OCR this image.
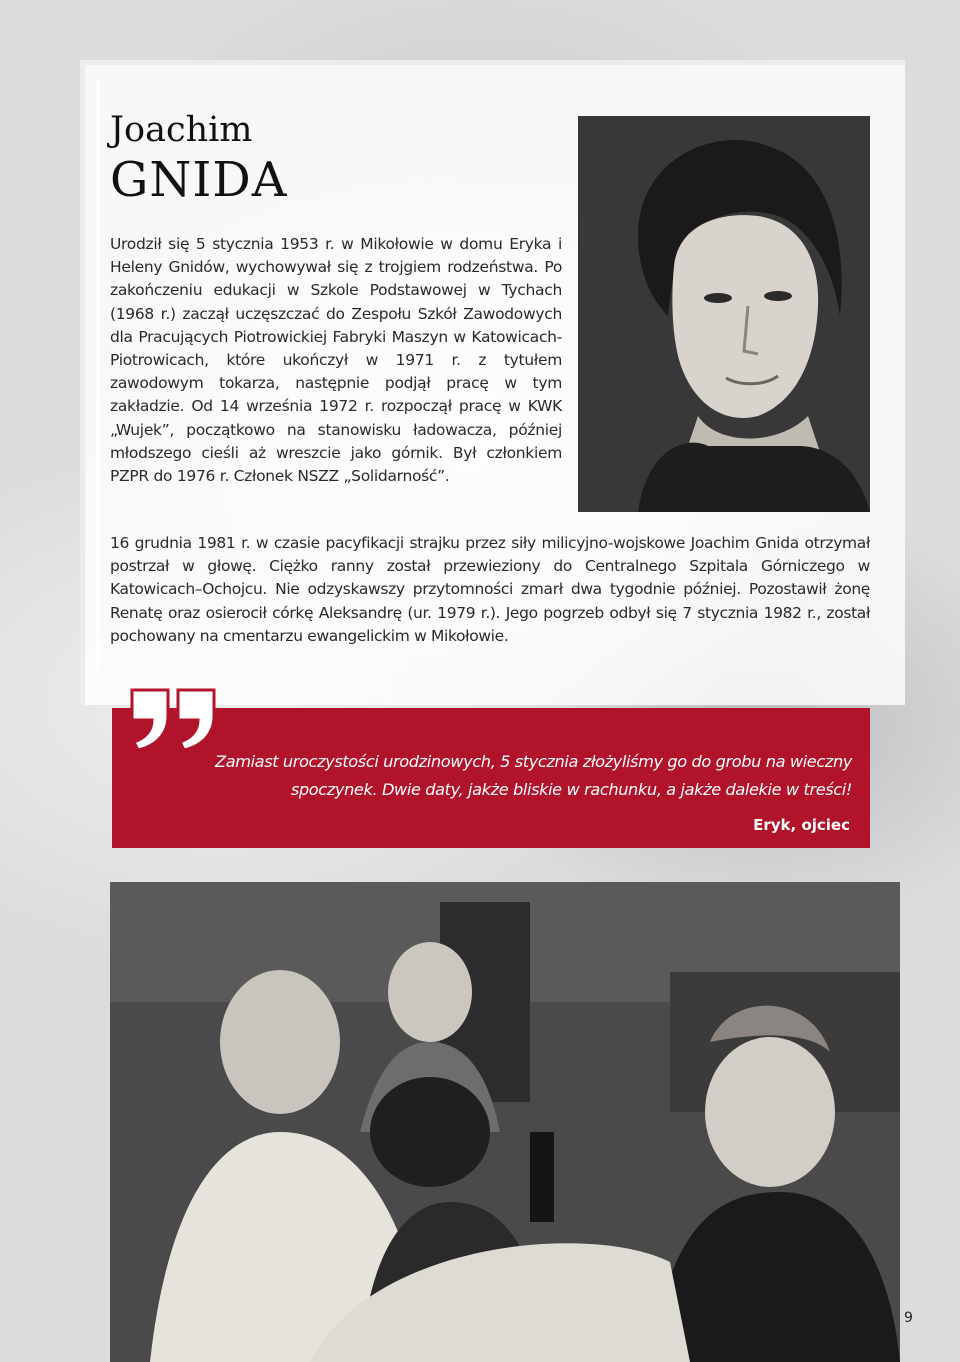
Joachim
GNIDA

Urodził się 5 stycznia 1953 r. w Mikołowie w domu Eryka i Heleny Gnidów, wychowywał się z trojgiem rodzeństwa. Po zakończeniu edukacji w Szkole Podstawowej w Tychach (1968 r.) zaczął uczęszczać do Zespołu Szkół Zawodowych dla Pracujących Piotrowickiej Fabryki Maszyn w Katowicach-Piotrowicach, które ukończył w 1971 r. z tytułem zawodowym tokarza, następnie podjął pracę w tym zakładzie. Od 14 września 1972 r. rozpoczął pracę w KWK „Wujek”, początkowo na stanowisku ładowacza, później młodszego cieśli aż wreszcie jako górnik. Był członkiem PZPR do 1976 r. Członek NSZZ „Solidarność”.

16 grudnia 1981 r. w czasie pacyfikacji strajku przez siły milicyjno-wojskowe Joachim Gnida otrzymał postrzał w głowę. Ciężko ranny został przewieziony do Centralnego Szpitala Górniczego w Katowicach–Ochojcu. Nie odzyskawszy przytomności zmarł dwa tygodnie później. Pozostawił żonę Renatę oraz osierocił córkę Aleksandrę (ur. 1979 r.). Jego pogrzeb odbył się 7 stycznia 1982 r., został pochowany na cmentarzu ewangelickim w Mikołowie.

Zamiast uroczystości urodzinowych, 5 stycznia złożyliśmy go do grobu na wieczny spoczynek. Dwie daty, jakże bliskie w rachunku, a jakże dalekie w treści!

Eryk, ojciec
9
